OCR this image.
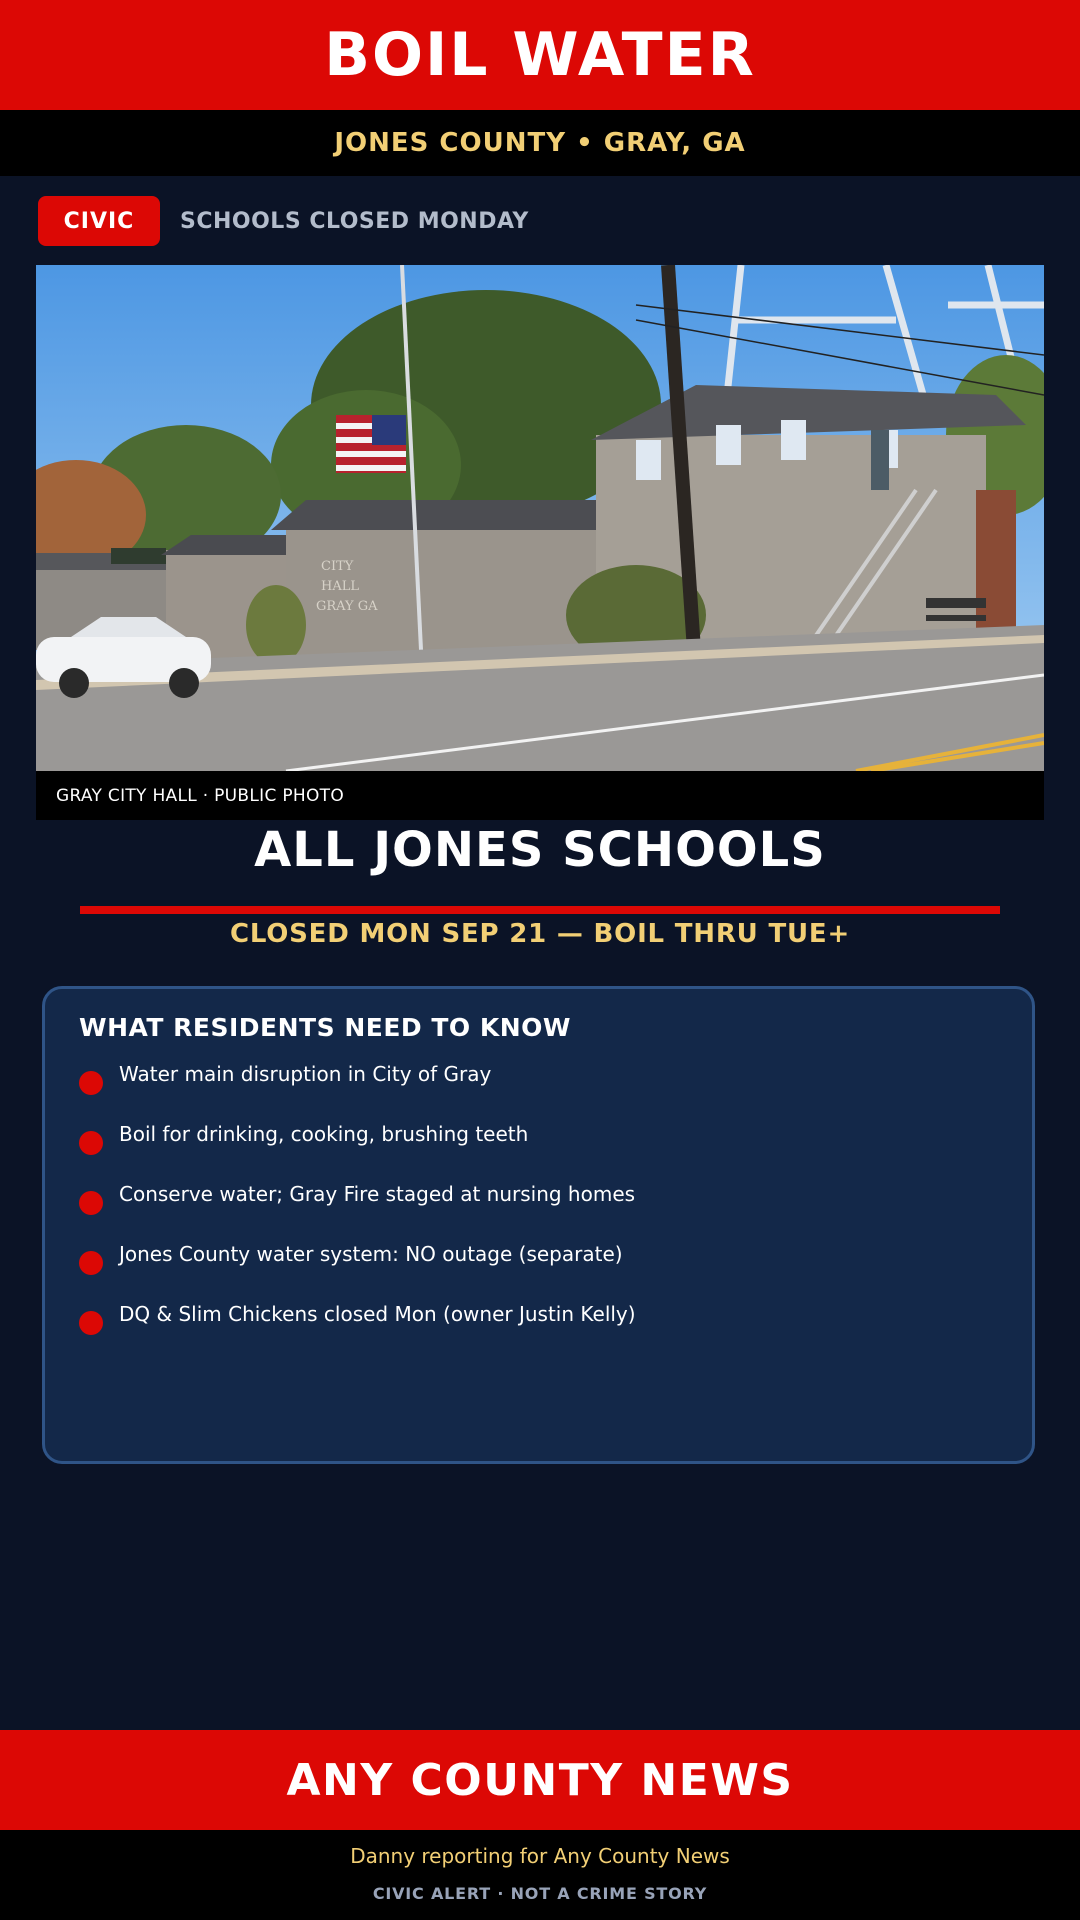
BOIL WATER
JONES COUNTY • GRAY, GA
CIVIC SCHOOLS CLOSED MONDAY
CITY
HALL
GRAY GA
GRAY CITY HALL · PUBLIC PHOTO
ALL JONES SCHOOLS
CLOSED MON SEP 21 — BOIL THRU TUE+
WHAT RESIDENTS NEED TO KNOW
Water main disruption in City of Gray
Boil for drinking, cooking, brushing teeth
Conserve water; Gray Fire staged at nursing homes
Jones County water system: NO outage (separate)
DQ & Slim Chickens closed Mon (owner Justin Kelly)
ANY COUNTY NEWS
Danny reporting for Any County News
CIVIC ALERT · NOT A CRIME STORY
